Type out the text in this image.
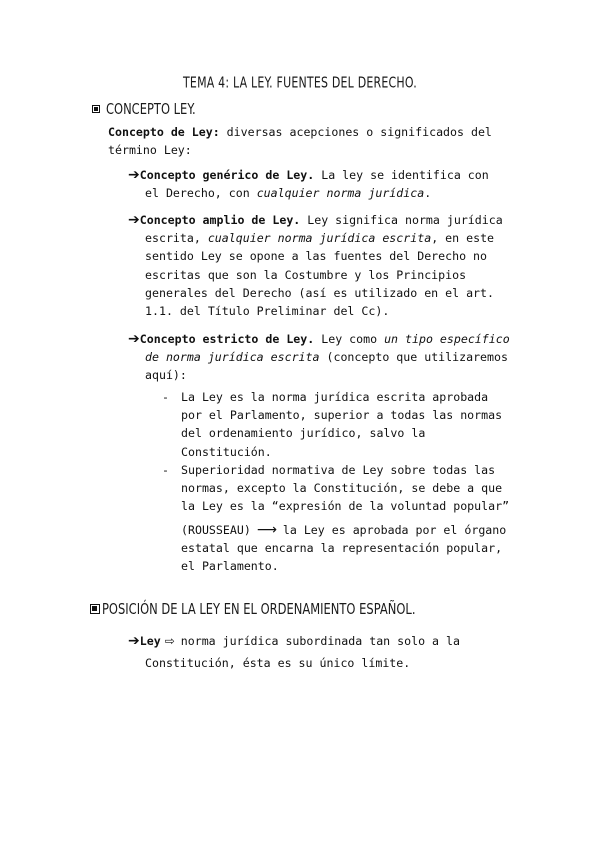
TEMA 4: LA LEY. FUENTES DEL DERECHO.
CONCEPTO LEY.
Concepto de Ley: diversas acepciones o significados del
término Ley:
➔Concepto genérico de Ley. La ley se identifica con
el Derecho, con cualquier norma jurídica.
➔Concepto amplio de Ley. Ley significa norma jurídica
escrita, cualquier norma jurídica escrita, en este
sentido Ley se opone a las fuentes del Derecho no
escritas que son la Costumbre y los Principios
generales del Derecho (así es utilizado en el art.
1.1. del Título Preliminar del Cc).
➔Concepto estricto de Ley. Ley como un tipo específico
de norma jurídica escrita (concepto que utilizaremos
aquí):
- La Ley es la norma jurídica escrita aprobada
por el Parlamento, superior a todas las normas
del ordenamiento jurídico, salvo la
Constitución.
- Superioridad normativa de Ley sobre todas las
normas, excepto la Constitución, se debe a que
la Ley es la “expresión de la voluntad popular”
(ROUSSEAU) ⟶ la Ley es aprobada por el órgano
estatal que encarna la representación popular,
el Parlamento.
POSICIÓN DE LA LEY EN EL ORDENAMIENTO ESPAÑOL.
➔Ley ⇨ norma jurídica subordinada tan solo a la
Constitución, ésta es su único límite.
